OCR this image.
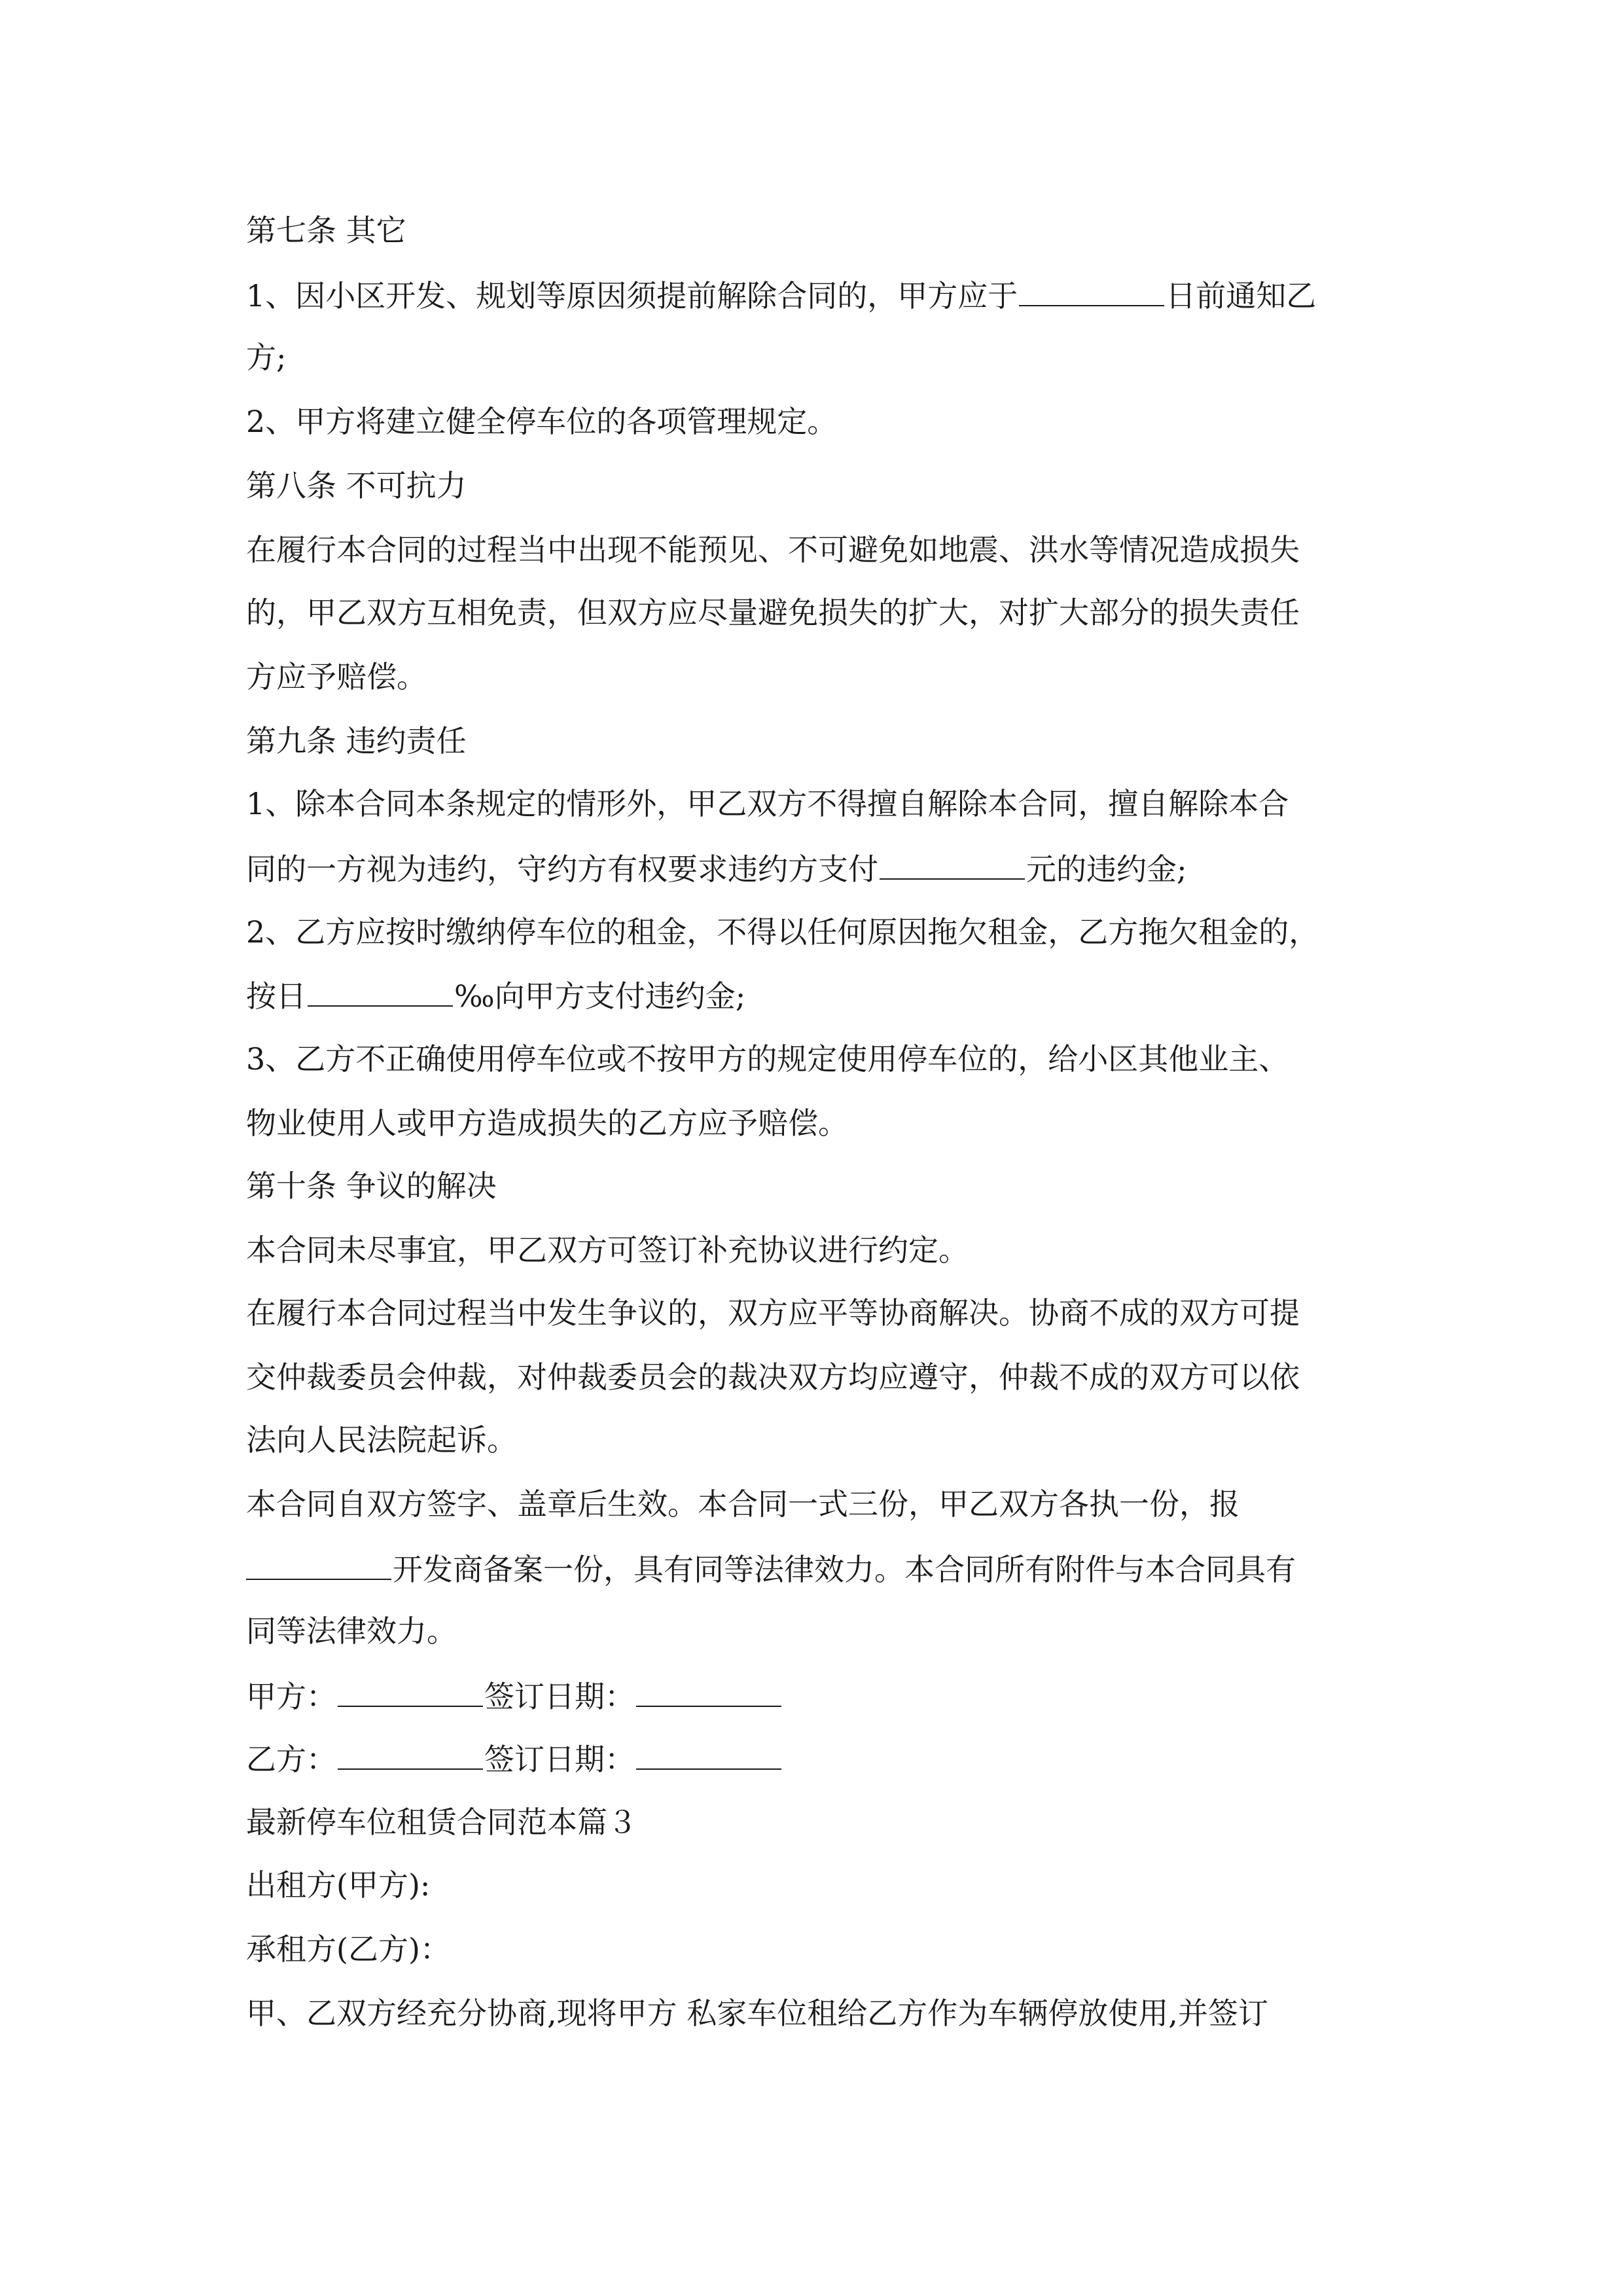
第七条 其它
1、因小区开发、规划等原因须提前解除合同的，甲方应于	日前通知乙
方;
2、甲方将建立健全停车位的各项管理规定。
第八条 不可抗力
在履行本合同的过程当中出现不能预见、不可避免如地震、洪水等情况造成损失
的，甲乙双方互相免责，但双方应尽量避免损失的扩大，对扩大部分的损失责任
方应予赔偿。
第九条 违约责任
1、除本合同本条规定的情形外，甲乙双方不得擅自解除本合同，擅自解除本合
同的一方视为违约，守约方有权要求违约方支付	元的违约金;
2、乙方应按时缴纳停车位的租金，不得以任何原因拖欠租金，乙方拖欠租金的，
按日	‰向甲方支付违约金;
3、乙方不正确使用停车位或不按甲方的规定使用停车位的，给小区其他业主、
物业使用人或甲方造成损失的乙方应予赔偿。
第十条 争议的解决
本合同未尽事宜，甲乙双方可签订补充协议进行约定。
在履行本合同过程当中发生争议的，双方应平等协商解决。协商不成的双方可提
交仲裁委员会仲裁，对仲裁委员会的裁决双方均应遵守，仲裁不成的双方可以依
法向人民法院起诉。
本合同自双方签字、盖章后生效。本合同一式三份，甲乙双方各执一份，报
开发商备案一份，具有同等法律效力。本合同所有附件与本合同具有
同等法律效力。
甲方：	签订日期：
乙方：	签订日期：
最新停车位租赁合同范本篇３
出租方(甲方):
承租方(乙方)：
甲、乙双方经充分协商,现将甲方 私家车位租给乙方作为车辆停放使用,并签订
